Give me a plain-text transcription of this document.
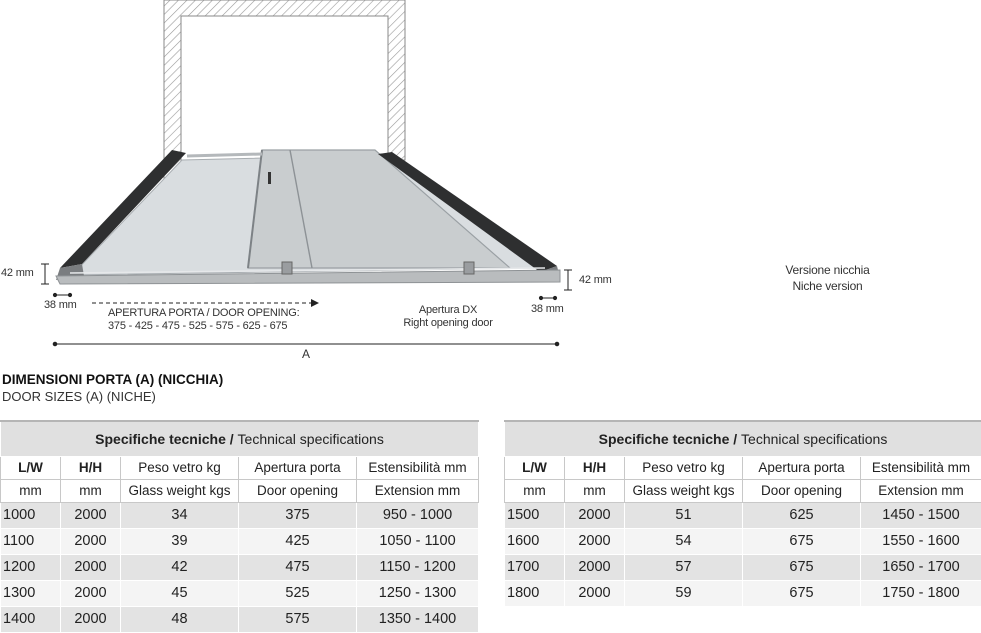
42 mm
42 mm
38 mm	38 mm
APERTURA PORTA / DOOR OPENING:
375 - 425 - 475 - 525 - 575 - 625 - 675
Apertura DX
Right opening door
A
Versione nicchia
Niche version
DIMENSIONI PORTA (A) (NICCHIA)
DOOR SIZES (A) (NICHE)
Specifiche tecniche / Technical specifications				
L/W	H/H	Peso vetro kg	Apertura porta	Estensibilità mm
mm	mm	Glass weight kgs	Door opening	Extension mm
1000	2000	34	375	950 - 1000
1100	2000	39	425	1050 - 1100
1200	2000	42	475	1150 - 1200
1300	2000	45	525	1250 - 1300
1400	2000	48	575	1350 - 1400
Specifiche tecniche / Technical specifications				
L/W	H/H	Peso vetro kg	Apertura porta	Estensibilità mm
mm	mm	Glass weight kgs	Door opening	Extension mm
1500	2000	51	625	1450 - 1500
1600	2000	54	675	1550 - 1600
1700	2000	57	675	1650 - 1700
1800	2000	59	675	1750 - 1800
